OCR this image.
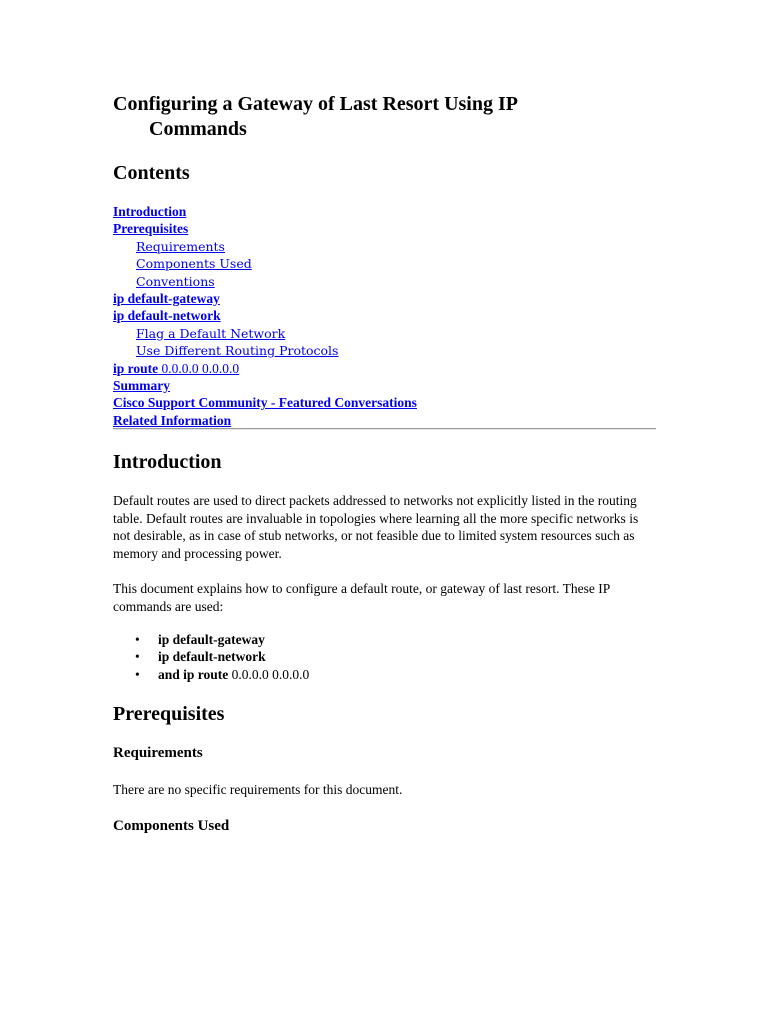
Configuring a Gateway of Last Resort Using IP
Commands
Contents
Introduction
Prerequisites
Requirements
Components Used
Conventions
ip default-gateway
ip default-network
Flag a Default Network
Use Different Routing Protocols
ip route 0.0.0.0 0.0.0.0
Summary
Cisco Support Community - Featured Conversations
Related Information
Introduction

Default routes are used to direct packets addressed to networks not explicitly listed in the routing table. Default routes are invaluable in topologies where learning all the more specific networks is not desirable, as in case of stub networks, or not feasible due to limited system resources such as memory and processing power.

This document explains how to configure a default route, or gateway of last resort. These IP commands are used:

• ip default-gateway
• ip default-network
• and ip route 0.0.0.0 0.0.0.0
Prerequisites
Requirements

There are no specific requirements for this document.

Components Used
